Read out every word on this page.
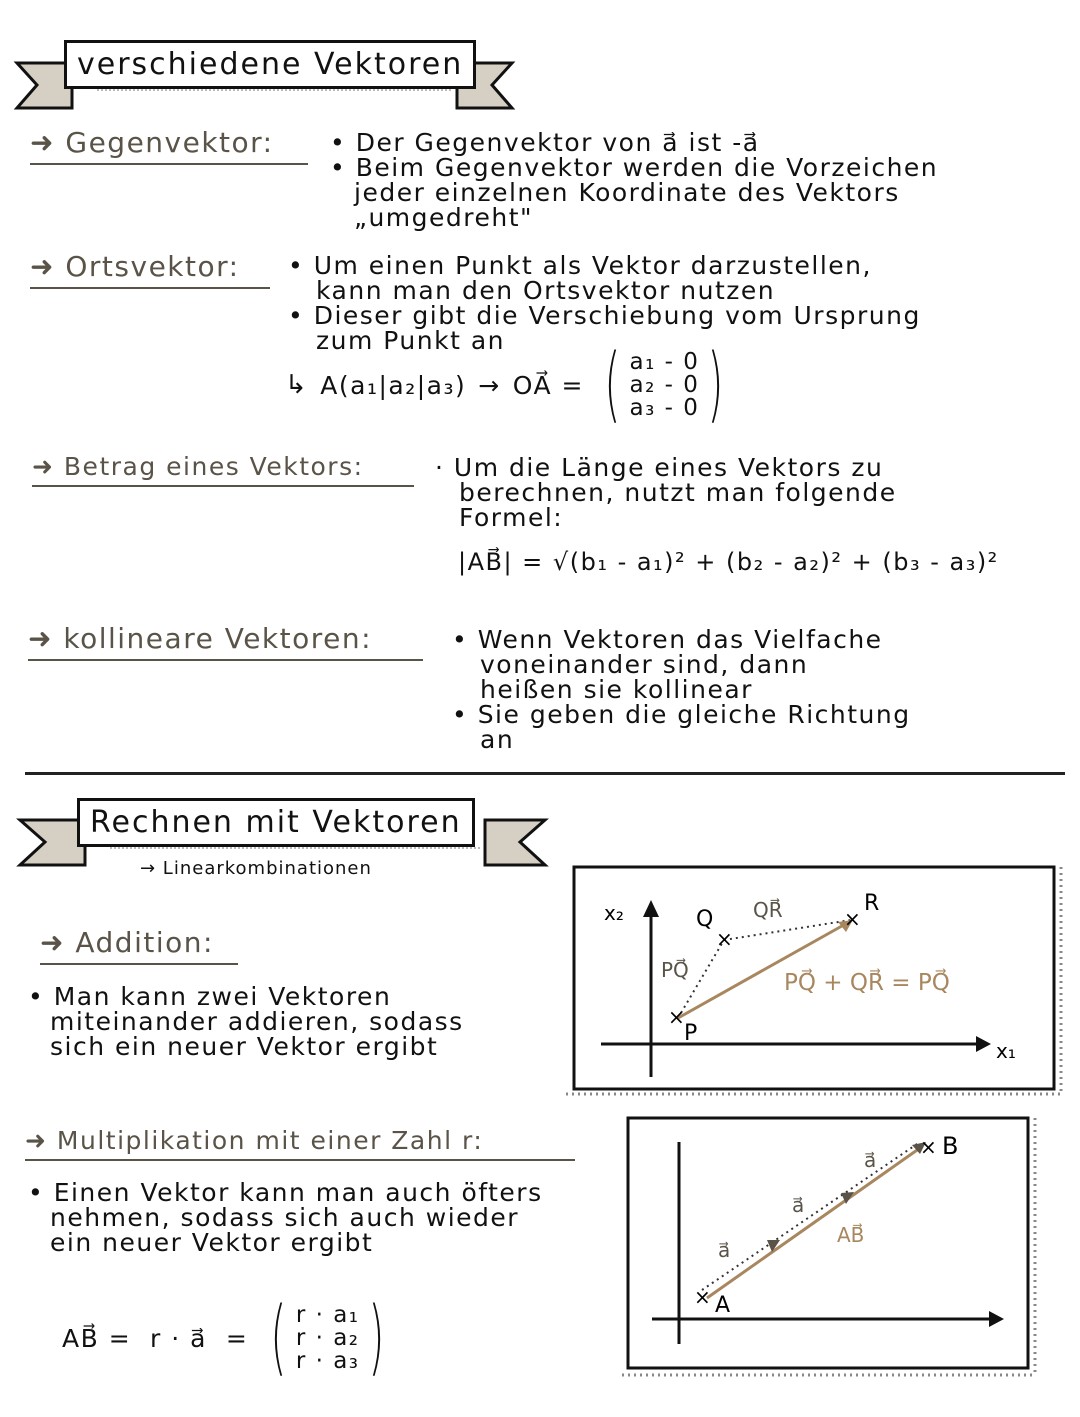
verschiedene Vektoren
➜ Gegenvektor:	• Der Gegenvektor von a⃗ ist -a⃗
• Beim Gegenvektor werden die Vorzeichen
jeder einzelnen Koordinate des Vektors
„umgedreht"
➜ Ortsvektor:	• Um einen Punkt als Vektor darzustellen,
kann man den Ortsvektor nutzen
• Dieser gibt die Verschiebung vom Ursprung
zum Punkt an
↳ A(a₁|a₂|a₃) → OA⃗ = ( a₁ - 0
a₂ - 0
a₃ - 0 )
➜ Betrag eines Vektors:	· Um die Länge eines Vektors zu
berechnen, nutzt man folgende
Formel:
|AB⃗| = √(b₁ - a₁)² + (b₂ - a₂)² + (b₃ - a₃)²
➜ kollineare Vektoren:	• Wenn Vektoren das Vielfache
voneinander sind, dann
heißen sie kollinear
• Sie geben die gleiche Richtung
an
Rechnen mit Vektoren
→ Linearkombinationen
➜ Addition:
• Man kann zwei Vektoren
miteinander addieren, sodass
sich ein neuer Vektor ergibt
×
×
×
P
Q
R
x₂
x₁
PQ⃗
QR⃗
PQ⃗ + QR⃗ = PQ⃗
➜ Multiplikation mit einer Zahl r:
• Einen Vektor kann man auch öfters
nehmen, sodass sich auch wieder
ein neuer Vektor ergibt
AB⃗ =  r · a⃗  = ( r · a₁
r · a₂
r · a₃ )	×
×
A
B
a⃗
a⃗
a⃗
AB⃗
